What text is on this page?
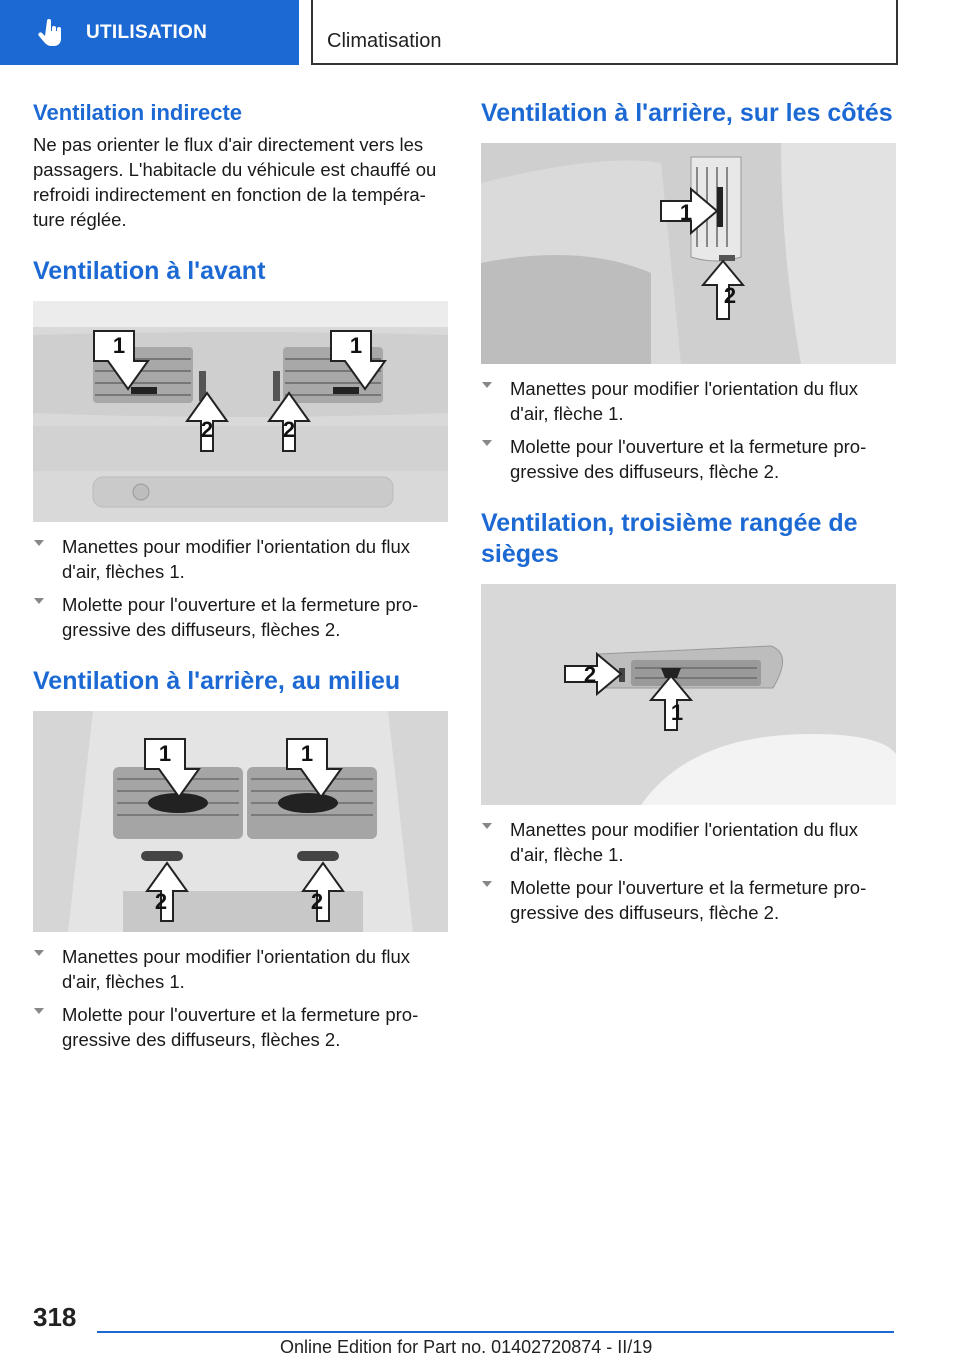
UTILISATION	Climatisation
Ventilation indirecte

Ne pas orienter le flux d'air directement vers les passagers. L'habitacle du véhicule est chauffé ou refroidi indirectement en fonction de la température réglée.

Ventilation à l'avant
1	1
2	2
Manettes pour modifier l'orientation du flux d'air, flèches 1.
Molette pour l'ouverture et la fermeture progressive des diffuseurs, flèches 2.
Ventilation à l'arrière, au milieu
1	1
2	2
Manettes pour modifier l'orientation du flux d'air, flèches 1.
Molette pour l'ouverture et la fermeture progressive des diffuseurs, flèches 2.
Ventilation à l'arrière, sur les côtés
1
2
Manettes pour modifier l'orientation du flux d'air, flèche 1.
Molette pour l'ouverture et la fermeture progressive des diffuseurs, flèche 2.
Ventilation, troisième rangée de sièges
2
1
Manettes pour modifier l'orientation du flux d'air, flèche 1.
Molette pour l'ouverture et la fermeture progressive des diffuseurs, flèche 2.
318
Online Edition for Part no. 01402720874 - II/19
